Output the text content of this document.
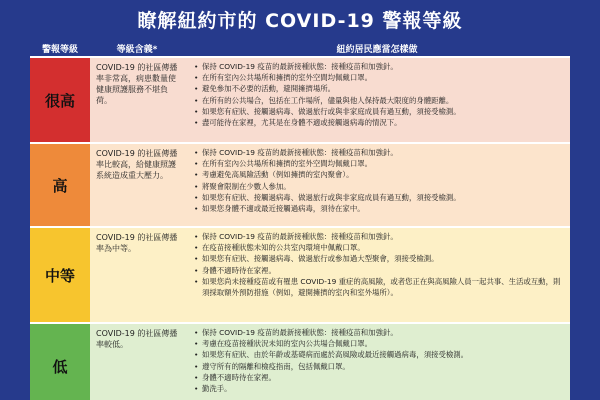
瞭解紐約市的 COVID-19 警報等級
警報等級	等級含義*	紐約居民應當怎樣做
很高
COVID-19 的社區傳播率非常高，病患數量使健康照護服務不堪負荷。
• 保持 COVID-19 疫苗的最新接種狀態：接種疫苗和加強針。
• 在所有室內公共場所和擁擠的室外空間均佩戴口罩。
• 避免參加不必要的活動，避開擁擠場所。
• 在所有的公共場合，包括在工作場所，儘量與他人保持最大限度的身體距離。
• 如果您有症狀、接觸過病毒、做過旅行或與非家庭成員有過互動，須接受檢測。
• 盡可能待在家裡，尤其是在身體不適或接觸過病毒的情況下。
高
COVID-19 的社區傳播率比較高，給健康照護系統造成重大壓力。
• 保持 COVID-19 疫苗的最新接種狀態：接種疫苗和加強針。
• 在所有室內公共場所和擁擠的室外空間均佩戴口罩。
• 考慮避免高風險活動（例如擁擠的室內聚會）。
• 將聚會限制在少數人參加。
• 如果您有症狀、接觸過病毒、做過旅行或與非家庭成員有過互動，須接受檢測。
• 如果您身體不適或最近接觸過病毒，須待在家中。
中等
COVID-19 的社區傳播率為中等。
• 保持 COVID-19 疫苗的最新接種狀態：接種疫苗和加強針。
• 在疫苗接種狀態未知的公共室內環境中佩戴口罩。
• 如果您有症狀、接觸過病毒、做過旅行或參加過大型聚會，須接受檢測。
• 身體不適時待在家裡。
• 如果您尚未接種疫苗或有罹患 COVID-19 重症的高風險，或者您正在與高風險人員一起共事、生活或互動，則須採取額外預防措施（例如，避開擁擠的室內和室外場所）。
低
COVID-19 的社區傳播率較低。
• 保持 COVID-19 疫苗的最新接種狀態：接種疫苗和加強針。
• 考慮在疫苗接種狀況未知的室內公共場合佩戴口罩。
• 如果您有症狀、由於年齡或基礎病而處於高風險或最近接觸過病毒，須接受檢測。
• 遵守所有的隔離和檢疫指南，包括佩戴口罩。
• 身體不適時待在家裡。
• 勤洗手。
